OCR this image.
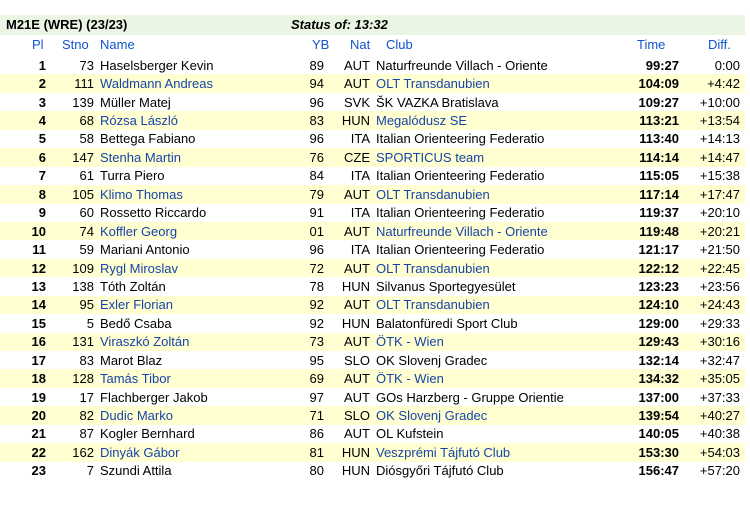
M21E (WRE) (23/23)	Status of: 13:32
Pl Stno Name	YB Nat Club	Time	Diff.
1	73	Haselsberger Kevin	89	AUT	Naturfreunde Villach - Oriente	99:27	0:00
2	111	Waldmann Andreas	94	AUT	OLT Transdanubien	104:09	+4:42
3	139	Müller Matej	96	SVK	ŠK VAZKA Bratislava	109:27	+10:00
4	68	Rózsa László	83	HUN	Megalódusz SE	113:21	+13:54
5	58	Bettega Fabiano	96	ITA	Italian Orienteering Federatio	113:40	+14:13
6	147	Stenha Martin	76	CZE	SPORTICUS team	114:14	+14:47
7	61	Turra Piero	84	ITA	Italian Orienteering Federatio	115:05	+15:38
8	105	Klimo Thomas	79	AUT	OLT Transdanubien	117:14	+17:47
9	60	Rossetto Riccardo	91	ITA	Italian Orienteering Federatio	119:37	+20:10
10	74	Koffler Georg	01	AUT	Naturfreunde Villach - Oriente	119:48	+20:21
11	59	Mariani Antonio	96	ITA	Italian Orienteering Federatio	121:17	+21:50
12	109	Rygl Miroslav	72	AUT	OLT Transdanubien	122:12	+22:45
13	138	Tóth Zoltán	78	HUN	Silvanus Sportegyesület	123:23	+23:56
14	95	Exler Florian	92	AUT	OLT Transdanubien	124:10	+24:43
15	5	Bedő Csaba	92	HUN	Balatonfüredi Sport Club	129:00	+29:33
16	131	Viraszkó Zoltán	73	AUT	ÖTK - Wien	129:43	+30:16
17	83	Marot Blaz	95	SLO	OK Slovenj Gradec	132:14	+32:47
18	128	Tamás Tibor	69	AUT	ÖTK - Wien	134:32	+35:05
19	17	Flachberger Jakob	97	AUT	GOs Harzberg - Gruppe Orientie	137:00	+37:33
20	82	Dudic Marko	71	SLO	OK Slovenj Gradec	139:54	+40:27
21	87	Kogler Bernhard	86	AUT	OL Kufstein	140:05	+40:38
22	162	Dinyák Gábor	81	HUN	Veszprémi Tájfutó Club	153:30	+54:03
23	7	Szundi Attila	80	HUN	Diósgyőri Tájfutó Club	156:47	+57:20
